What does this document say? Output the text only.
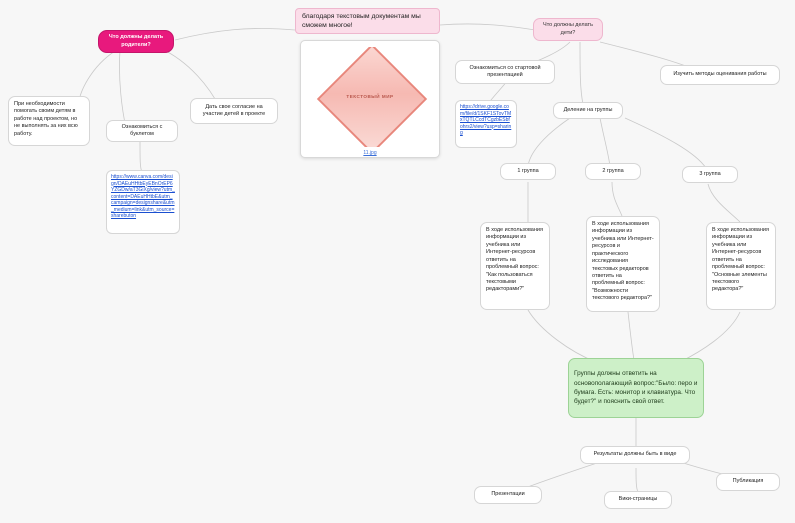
благодаря текстовым документам мы сможем многое!
Что должны делать родители?
Что должны делать дети?
При необходимости помогать своим детям в работе над проектом, но не выполнять за них всю работу.
Ознакомиться с буклетом
Дать свое согласие на участие детей в проекте
https://www.canva.com/design/DAEuHHtbEyEBnOrEP6YZGDw/aT3GiXg/view?utm_content=DAEuHHtbE&utm_campaign=designshare&utm_medium=link&utm_source=sharebuton
ТЕКСТОВЫЙ МИР
11.jpg
Ознакомиться со стартовой презентацией	Изучить методы оценивания работы
https://drive.google.com/file/d/1SKF1STovTMxTQTLCcdTCgzbESbfohrs2/view?usp=sharing
Деление на группы
1 группа	2 группа	3 группа
В ходе использования информации из учебника или Интернет-ресурсов ответить на проблемный вопрос: "Как пользоваться текстовыми редакторами?"
В ходе использования информации из учебника или Интернет-ресурсов и практического исследования текстовых редакторов ответить на проблемный вопрос: "Возможности текстового редактора?"
В ходе использования информации из учебника или Интернет-ресурсов ответить на проблемный вопрос: "Основные элементы текстового редактора?"
Группы должны ответить на основополагающий вопрос:"Было: перо и бумага. Есть: монитор и клавиатура. Что будет?" и пояснить свой ответ.
Результаты должны быть в виде
Презентации
Вики-страницы
Публикация
